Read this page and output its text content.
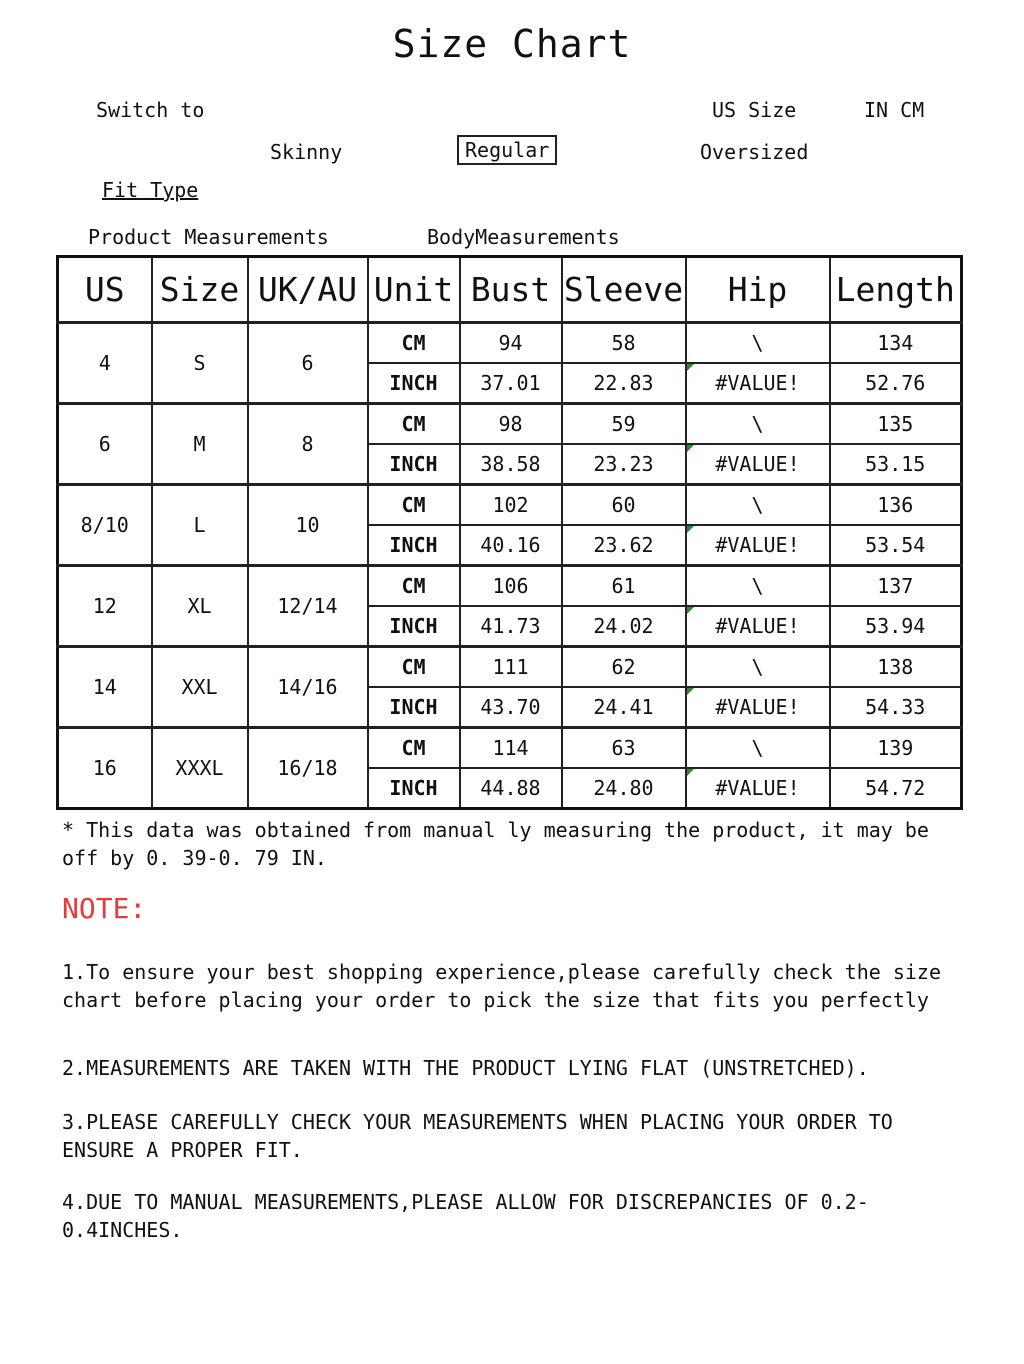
Size Chart
Switch to	US Size	IN CM
Skinny	Regular	Oversized
Fit Type
Product Measurements	BodyMeasurements
US	Size	UK/AU	Unit	Bust	Sleeve	Hip	Length
4	S	6	CM	94	58	\	134
			INCH	37.01	22.83	#VALUE!	52.76
6	M	8	CM	98	59	\	135
			INCH	38.58	23.23	#VALUE!	53.15
8/10	L	10	CM	102	60	\	136
			INCH	40.16	23.62	#VALUE!	53.54
12	XL	12/14	CM	106	61	\	137
			INCH	41.73	24.02	#VALUE!	53.94
14	XXL	14/16	CM	111	62	\	138
			INCH	43.70	24.41	#VALUE!	54.33
16	XXXL	16/18	CM	114	63	\	139
			INCH	44.88	24.80	#VALUE!	54.72
* This data was obtained from manual ly measuring the product, it may be off by 0. 39-0. 79 IN.
NOTE:
1.To ensure your best shopping experience,please carefully check the size chart before placing your order to pick the size that fits you perfectly
2.MEASUREMENTS ARE TAKEN WITH THE PRODUCT LYING FLAT (UNSTRETCHED).
3.PLEASE CAREFULLY CHECK YOUR MEASUREMENTS WHEN PLACING YOUR ORDER TO ENSURE A PROPER FIT.
4.DUE TO MANUAL MEASUREMENTS,PLEASE ALLOW FOR DISCREPANCIES OF 0.2-0.4INCHES.
